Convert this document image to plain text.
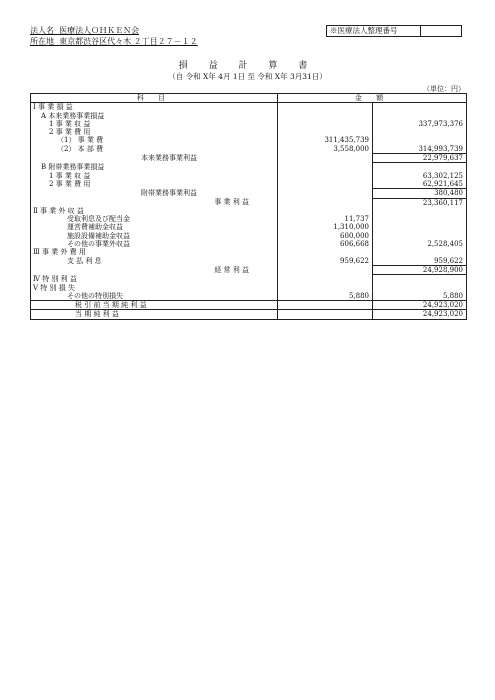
法人名 医療法人ＯＨＫＥＮ会
所在地 東京都渋谷区代々木 ２丁目２７－１２
※医療法人整理番号
損 益 計 算 書
（自 令和 X年 4月 1日 至 令和 X年 3月31日）
（単位：円）
科 目	金 額	
Ⅰ 事 業 損 益		
A 本来業務事業損益		
1 事 業 収 益		337,973,376
2 事 業 費 用		
（1） 事 業 費	311,435,739	
（2） 本 部 費	3,558,000	314,993,739
本来業務事業利益		22,979,637
B 附帯業務事業損益		
1 事 業 収 益		63,302,125
2 事 業 費 用		62,921,645
附帯業務事業利益		380,480
事 業 利 益		23,360,117
Ⅱ 事 業 外 収 益		
受取利息及び配当金	11,737	
運営費補助金収益	1,310,000	
施設設備補助金収益	600,000	
その他の事業外収益	606,668	2,528,405
Ⅲ 事 業 外 費 用		
支 払 利 息	959,622	959,622
経 常 利 益		24,928,900
Ⅳ 特 別 利 益		
Ⅴ 特 別 損 失		
その他の特別損失	5,880	5,880
税 引 前 当 期 純 利 益		24,923,020
当 期 純 利 益		24,923,020
